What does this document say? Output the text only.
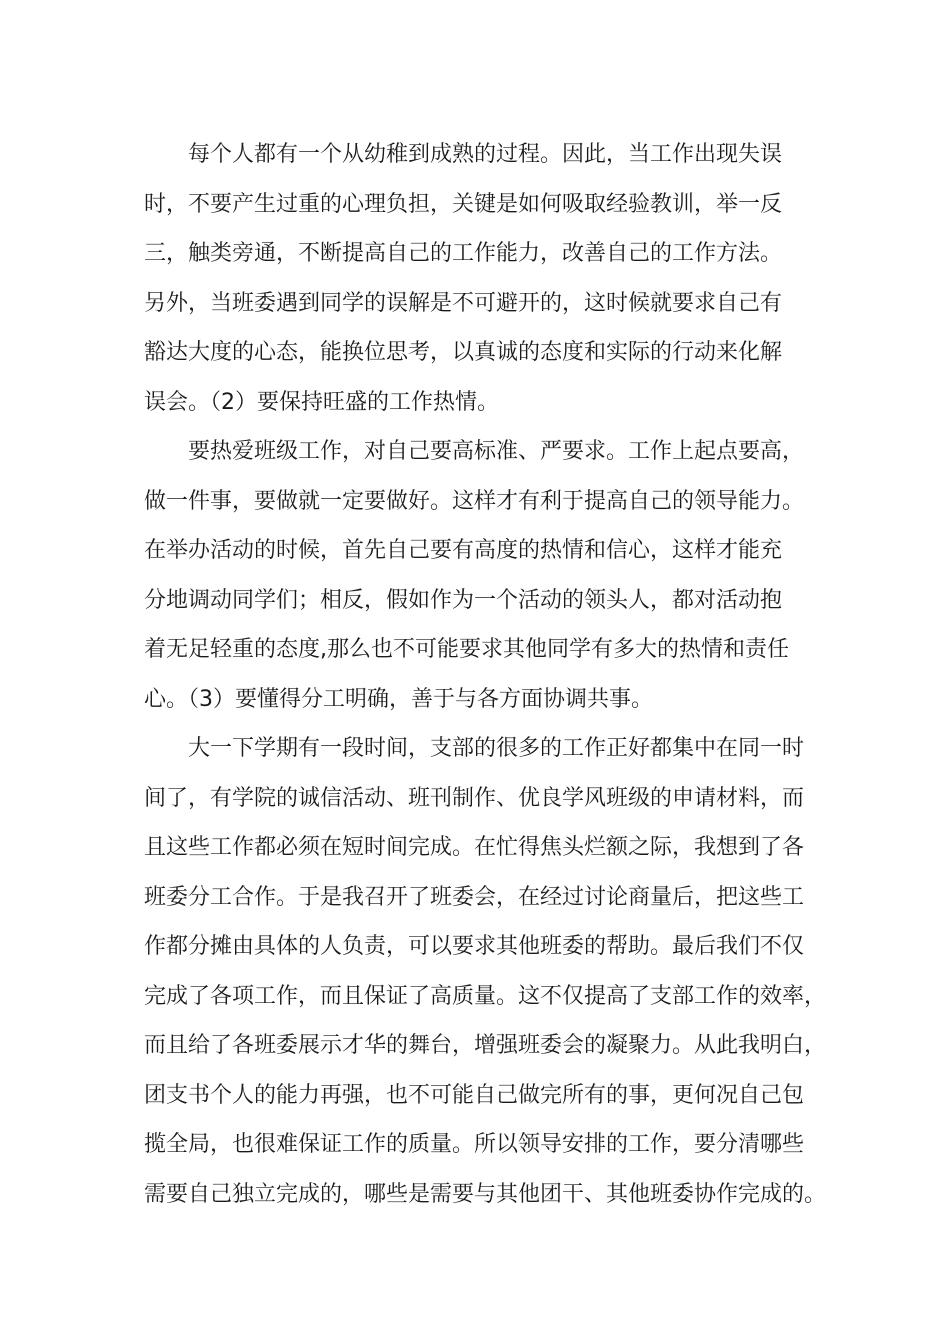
每个人都有一个从幼稚到成熟的过程。因此，当工作出现失误
时，不要产生过重的心理负担，关键是如何吸取经验教训，举一反
三，触类旁通，不断提高自己的工作能力，改善自己的工作方法。
另外，当班委遇到同学的误解是不可避开的，这时候就要求自己有
豁达大度的心态，能换位思考，以真诚的态度和实际的行动来化解
误会。（2）要保持旺盛的工作热情。
要热爱班级工作，对自己要高标准、严要求。工作上起点要高，
做一件事，要做就一定要做好。这样才有利于提高自己的领导能力。
在举办活动的时候，首先自己要有高度的热情和信心，这样才能充
分地调动同学们；相反，假如作为一个活动的领头人，都对活动抱
着无足轻重的态度,那么也不可能要求其他同学有多大的热情和责任
心。（3）要懂得分工明确，善于与各方面协调共事。
大一下学期有一段时间，支部的很多的工作正好都集中在同一时
间了，有学院的诚信活动、班刊制作、优良学风班级的申请材料，而
且这些工作都必须在短时间完成。在忙得焦头烂额之际，我想到了各
班委分工合作。于是我召开了班委会，在经过讨论商量后，把这些工
作都分摊由具体的人负责，可以要求其他班委的帮助。最后我们不仅
完成了各项工作，而且保证了高质量。这不仅提高了支部工作的效率，
而且给了各班委展示才华的舞台，增强班委会的凝聚力。从此我明白，
团支书个人的能力再强，也不可能自己做完所有的事，更何况自己包
揽全局，也很难保证工作的质量。所以领导安排的工作，要分清哪些
需要自己独立完成的，哪些是需要与其他团干、其他班委协作完成的。
